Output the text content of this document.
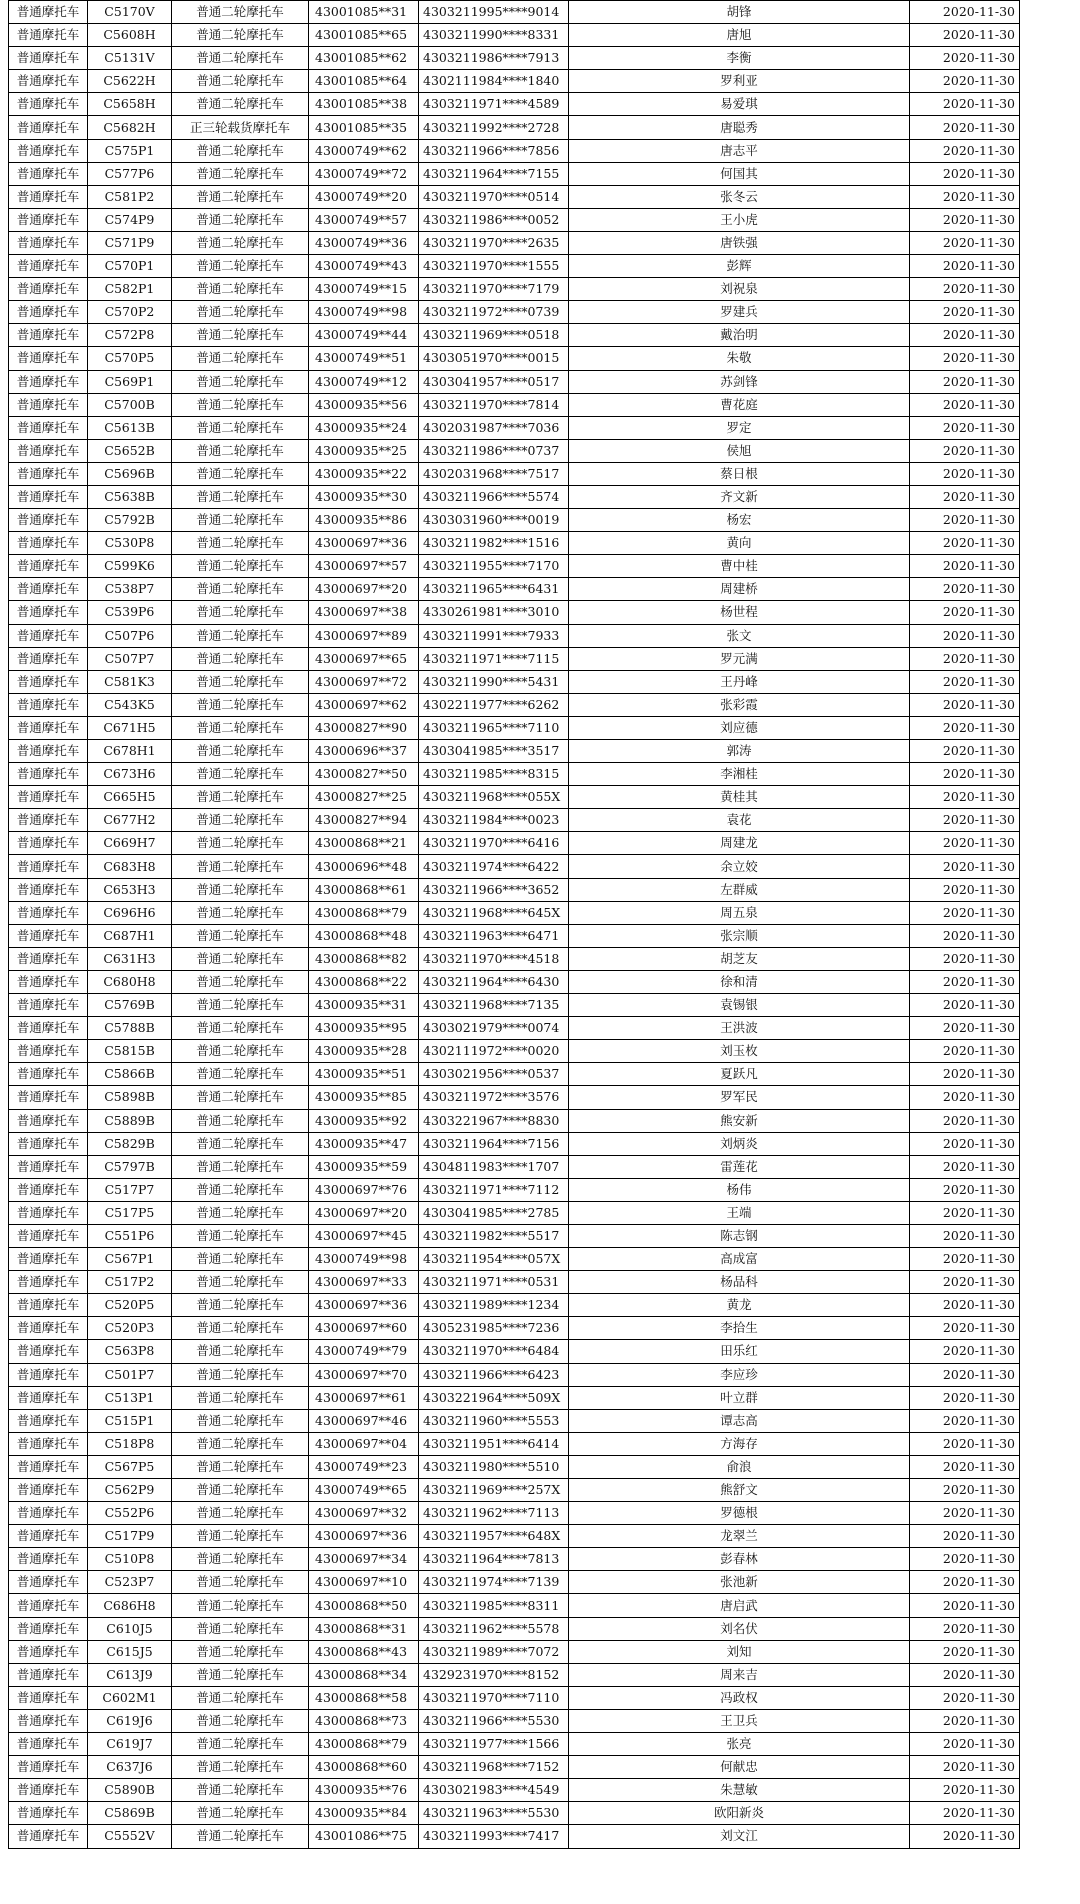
普通摩托车	C5170V	普通二轮摩托车	43001085**31	4303211995****9014	胡锋	2020-11-30
普通摩托车	C5608H	普通二轮摩托车	43001085**65	4303211990****8331	唐旭	2020-11-30
普通摩托车	C5131V	普通二轮摩托车	43001085**62	4303211986****7913	李衡	2020-11-30
普通摩托车	C5622H	普通二轮摩托车	43001085**64	4302111984****1840	罗利亚	2020-11-30
普通摩托车	C5658H	普通二轮摩托车	43001085**38	4303211971****4589	易爱琪	2020-11-30
普通摩托车	C5682H	正三轮载货摩托车	43001085**35	4303211992****2728	唐聪秀	2020-11-30
普通摩托车	C575P1	普通二轮摩托车	43000749**62	4303211966****7856	唐志平	2020-11-30
普通摩托车	C577P6	普通二轮摩托车	43000749**72	4303211964****7155	何国其	2020-11-30
普通摩托车	C581P2	普通二轮摩托车	43000749**20	4303211970****0514	张冬云	2020-11-30
普通摩托车	C574P9	普通二轮摩托车	43000749**57	4303211986****0052	王小虎	2020-11-30
普通摩托车	C571P9	普通二轮摩托车	43000749**36	4303211970****2635	唐铁强	2020-11-30
普通摩托车	C570P1	普通二轮摩托车	43000749**43	4303211970****1555	彭辉	2020-11-30
普通摩托车	C582P1	普通二轮摩托车	43000749**15	4303211970****7179	刘祝泉	2020-11-30
普通摩托车	C570P2	普通二轮摩托车	43000749**98	4303211972****0739	罗建兵	2020-11-30
普通摩托车	C572P8	普通二轮摩托车	43000749**44	4303211969****0518	戴治明	2020-11-30
普通摩托车	C570P5	普通二轮摩托车	43000749**51	4303051970****0015	朱敬	2020-11-30
普通摩托车	C569P1	普通二轮摩托车	43000749**12	4303041957****0517	苏剑锋	2020-11-30
普通摩托车	C5700B	普通二轮摩托车	43000935**56	4303211970****7814	曹花庭	2020-11-30
普通摩托车	C5613B	普通二轮摩托车	43000935**24	4302031987****7036	罗定	2020-11-30
普通摩托车	C5652B	普通二轮摩托车	43000935**25	4303211986****0737	侯旭	2020-11-30
普通摩托车	C5696B	普通二轮摩托车	43000935**22	4302031968****7517	蔡日根	2020-11-30
普通摩托车	C5638B	普通二轮摩托车	43000935**30	4303211966****5574	齐文新	2020-11-30
普通摩托车	C5792B	普通二轮摩托车	43000935**86	4303031960****0019	杨宏	2020-11-30
普通摩托车	C530P8	普通二轮摩托车	43000697**36	4303211982****1516	黄向	2020-11-30
普通摩托车	C599K6	普通二轮摩托车	43000697**57	4303211955****7170	曹中桂	2020-11-30
普通摩托车	C538P7	普通二轮摩托车	43000697**20	4303211965****6431	周建桥	2020-11-30
普通摩托车	C539P6	普通二轮摩托车	43000697**38	4330261981****3010	杨世程	2020-11-30
普通摩托车	C507P6	普通二轮摩托车	43000697**89	4303211991****7933	张文	2020-11-30
普通摩托车	C507P7	普通二轮摩托车	43000697**65	4303211971****7115	罗元满	2020-11-30
普通摩托车	C581K3	普通二轮摩托车	43000697**72	4303211990****5431	王丹峰	2020-11-30
普通摩托车	C543K5	普通二轮摩托车	43000697**62	4302211977****6262	张彩霞	2020-11-30
普通摩托车	C671H5	普通二轮摩托车	43000827**90	4303211965****7110	刘应德	2020-11-30
普通摩托车	C678H1	普通二轮摩托车	43000696**37	4303041985****3517	郭涛	2020-11-30
普通摩托车	C673H6	普通二轮摩托车	43000827**50	4303211985****8315	李湘桂	2020-11-30
普通摩托车	C665H5	普通二轮摩托车	43000827**25	4303211968****055X	黄桂其	2020-11-30
普通摩托车	C677H2	普通二轮摩托车	43000827**94	4303211984****0023	袁花	2020-11-30
普通摩托车	C669H7	普通二轮摩托车	43000868**21	4303211970****6416	周建龙	2020-11-30
普通摩托车	C683H8	普通二轮摩托车	43000696**48	4303211974****6422	余立姣	2020-11-30
普通摩托车	C653H3	普通二轮摩托车	43000868**61	4303211966****3652	左群威	2020-11-30
普通摩托车	C696H6	普通二轮摩托车	43000868**79	4303211968****645X	周五泉	2020-11-30
普通摩托车	C687H1	普通二轮摩托车	43000868**48	4303211963****6471	张宗顺	2020-11-30
普通摩托车	C631H3	普通二轮摩托车	43000868**82	4303211970****4518	胡芝友	2020-11-30
普通摩托车	C680H8	普通二轮摩托车	43000868**22	4303211964****6430	徐和清	2020-11-30
普通摩托车	C5769B	普通二轮摩托车	43000935**31	4303211968****7135	袁锡银	2020-11-30
普通摩托车	C5788B	普通二轮摩托车	43000935**95	4303021979****0074	王洪波	2020-11-30
普通摩托车	C5815B	普通二轮摩托车	43000935**28	4302111972****0020	刘玉枚	2020-11-30
普通摩托车	C5866B	普通二轮摩托车	43000935**51	4303021956****0537	夏跃凡	2020-11-30
普通摩托车	C5898B	普通二轮摩托车	43000935**85	4303211972****3576	罗军民	2020-11-30
普通摩托车	C5889B	普通二轮摩托车	43000935**92	4303221967****8830	熊安新	2020-11-30
普通摩托车	C5829B	普通二轮摩托车	43000935**47	4303211964****7156	刘炳炎	2020-11-30
普通摩托车	C5797B	普通二轮摩托车	43000935**59	4304811983****1707	雷莲花	2020-11-30
普通摩托车	C517P7	普通二轮摩托车	43000697**76	4303211971****7112	杨伟	2020-11-30
普通摩托车	C517P5	普通二轮摩托车	43000697**20	4303041985****2785	王端	2020-11-30
普通摩托车	C551P6	普通二轮摩托车	43000697**45	4303211982****5517	陈志钢	2020-11-30
普通摩托车	C567P1	普通二轮摩托车	43000749**98	4303211954****057X	高成富	2020-11-30
普通摩托车	C517P2	普通二轮摩托车	43000697**33	4303211971****0531	杨品科	2020-11-30
普通摩托车	C520P5	普通二轮摩托车	43000697**36	4303211989****1234	黄龙	2020-11-30
普通摩托车	C520P3	普通二轮摩托车	43000697**60	4305231985****7236	李拾生	2020-11-30
普通摩托车	C563P8	普通二轮摩托车	43000749**79	4303211970****6484	田乐红	2020-11-30
普通摩托车	C501P7	普通二轮摩托车	43000697**70	4303211966****6423	李应珍	2020-11-30
普通摩托车	C513P1	普通二轮摩托车	43000697**61	4303221964****509X	叶立群	2020-11-30
普通摩托车	C515P1	普通二轮摩托车	43000697**46	4303211960****5553	谭志高	2020-11-30
普通摩托车	C518P8	普通二轮摩托车	43000697**04	4303211951****6414	方海存	2020-11-30
普通摩托车	C567P5	普通二轮摩托车	43000749**23	4303211980****5510	俞浪	2020-11-30
普通摩托车	C562P9	普通二轮摩托车	43000749**65	4303211969****257X	熊舒文	2020-11-30
普通摩托车	C552P6	普通二轮摩托车	43000697**32	4303211962****7113	罗德根	2020-11-30
普通摩托车	C517P9	普通二轮摩托车	43000697**36	4303211957****648X	龙翠兰	2020-11-30
普通摩托车	C510P8	普通二轮摩托车	43000697**34	4303211964****7813	彭春林	2020-11-30
普通摩托车	C523P7	普通二轮摩托车	43000697**10	4303211974****7139	张池新	2020-11-30
普通摩托车	C686H8	普通二轮摩托车	43000868**50	4303211985****8311	唐启武	2020-11-30
普通摩托车	C610J5	普通二轮摩托车	43000868**31	4303211962****5578	刘名伏	2020-11-30
普通摩托车	C615J5	普通二轮摩托车	43000868**43	4303211989****7072	刘知	2020-11-30
普通摩托车	C613J9	普通二轮摩托车	43000868**34	4329231970****8152	周来吉	2020-11-30
普通摩托车	C602M1	普通二轮摩托车	43000868**58	4303211970****7110	冯政权	2020-11-30
普通摩托车	C619J6	普通二轮摩托车	43000868**73	4303211966****5530	王卫兵	2020-11-30
普通摩托车	C619J7	普通二轮摩托车	43000868**79	4303211977****1566	张亮	2020-11-30
普通摩托车	C637J6	普通二轮摩托车	43000868**60	4303211968****7152	何献忠	2020-11-30
普通摩托车	C5890B	普通二轮摩托车	43000935**76	4303021983****4549	朱慧敏	2020-11-30
普通摩托车	C5869B	普通二轮摩托车	43000935**84	4303211963****5530	欧阳新炎	2020-11-30
普通摩托车	C5552V	普通二轮摩托车	43001086**75	4303211993****7417	刘文江	2020-11-30
